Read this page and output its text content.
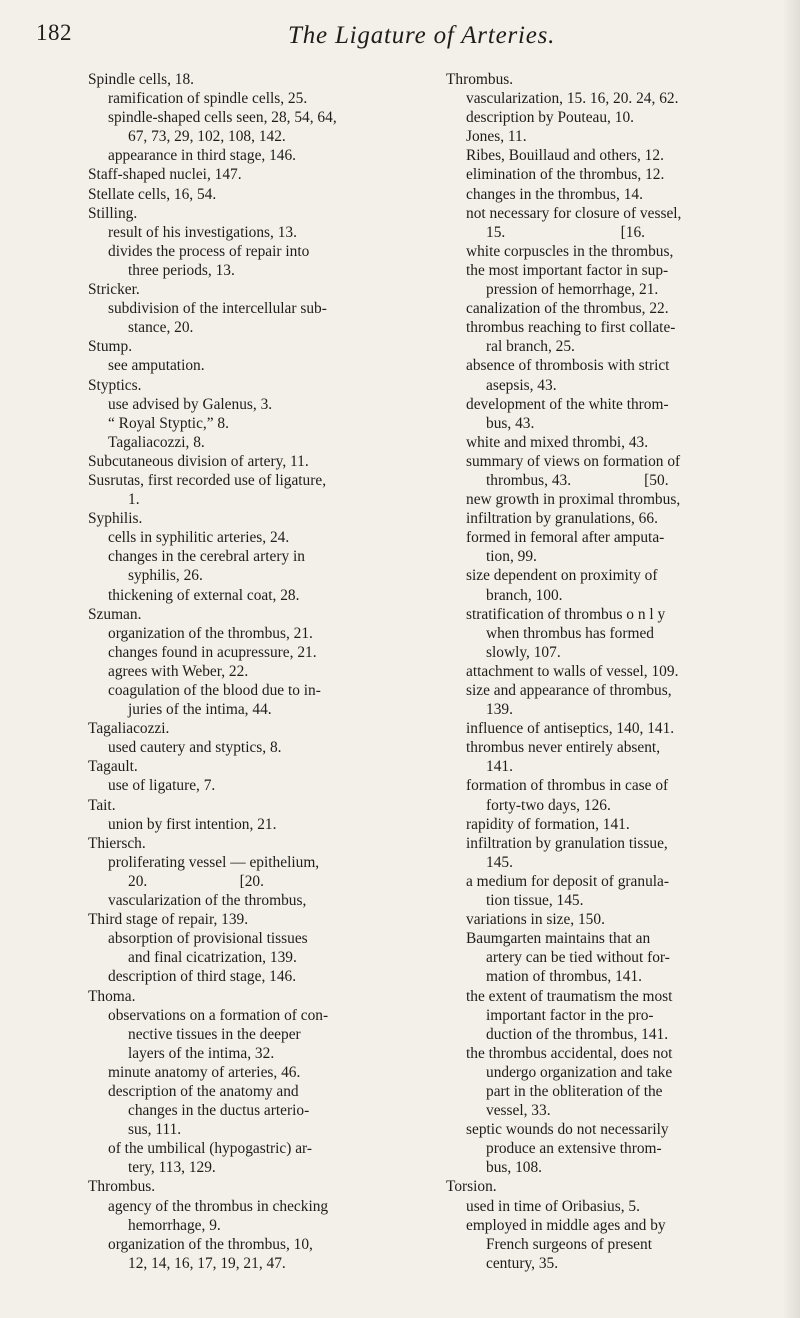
182	The Ligature of Arteries.
Spindle cells, 18.
ramification of spindle cells, 25.
spindle-shaped cells seen, 28, 54, 64,
67, 73, 29, 102, 108, 142.
appearance in third stage, 146.
Staff-shaped nuclei, 147.
Stellate cells, 16, 54.
Stilling.
result of his investigations, 13.
divides the process of repair into
three periods, 13.
Stricker.
subdivision of the intercellular sub-
stance, 20.
Stump.
see amputation.
Styptics.
use advised by Galenus, 3.
“ Royal Styptic,” 8.
Tagaliacozzi, 8.
Subcutaneous division of artery, 11.
Susrutas, first recorded use of ligature,
1.
Syphilis.
cells in syphilitic arteries, 24.
changes in the cerebral artery in
syphilis, 26.
thickening of external coat, 28.
Szuman.
organization of the thrombus, 21.
changes found in acupressure, 21.
agrees with Weber, 22.
coagulation of the blood due to in-
juries of the intima, 44.
Tagaliacozzi.
used cautery and styptics, 8.
Tagault.
use of ligature, 7.
Tait.
union by first intention, 21.
Thiersch.
proliferating vessel — epithelium,
20.                        [20.
vascularization of the thrombus,
Third stage of repair, 139.
absorption of provisional tissues
and final cicatrization, 139.
description of third stage, 146.
Thoma.
observations on a formation of con-
nective tissues in the deeper
layers of the intima, 32.
minute anatomy of arteries, 46.
description of the anatomy and
changes in the ductus arterio-
sus, 111.
of the umbilical (hypogastric) ar-
tery, 113, 129.
Thrombus.
agency of the thrombus in checking
hemorrhage, 9.
organization of the thrombus, 10,
12, 14, 16, 17, 19, 21, 47.
Thrombus.
vascularization, 15. 16, 20. 24, 62.
description by Pouteau, 10.
Jones, 11.
Ribes, Bouillaud and others, 12.
elimination of the thrombus, 12.
changes in the thrombus, 14.
not necessary for closure of vessel,
15.                              [16.
white corpuscles in the thrombus,
the most important factor in sup-
pression of hemorrhage, 21.
canalization of the thrombus, 22.
thrombus reaching to first collate-
ral branch, 25.
absence of thrombosis with strict
asepsis, 43.
development of the white throm-
bus, 43.
white and mixed thrombi, 43.
summary of views on formation of
thrombus, 43.                   [50.
new growth in proximal thrombus,
infiltration by granulations, 66.
formed in femoral after amputa-
tion, 99.
size dependent on proximity of
branch, 100.
stratification of thrombus o n l y
when thrombus has formed
slowly, 107.
attachment to walls of vessel, 109.
size and appearance of thrombus,
139.
influence of antiseptics, 140, 141.
thrombus never entirely absent,
141.
formation of thrombus in case of
forty-two days, 126.
rapidity of formation, 141.
infiltration by granulation tissue,
145.
a medium for deposit of granula-
tion tissue, 145.
variations in size, 150.
Baumgarten maintains that an
artery can be tied without for-
mation of thrombus, 141.
the extent of traumatism the most
important factor in the pro-
duction of the thrombus, 141.
the thrombus accidental, does not
undergo organization and take
part in the obliteration of the
vessel, 33.
septic wounds do not necessarily
produce an extensive throm-
bus, 108.
Torsion.
used in time of Oribasius, 5.
employed in middle ages and by
French surgeons of present
century, 35.
